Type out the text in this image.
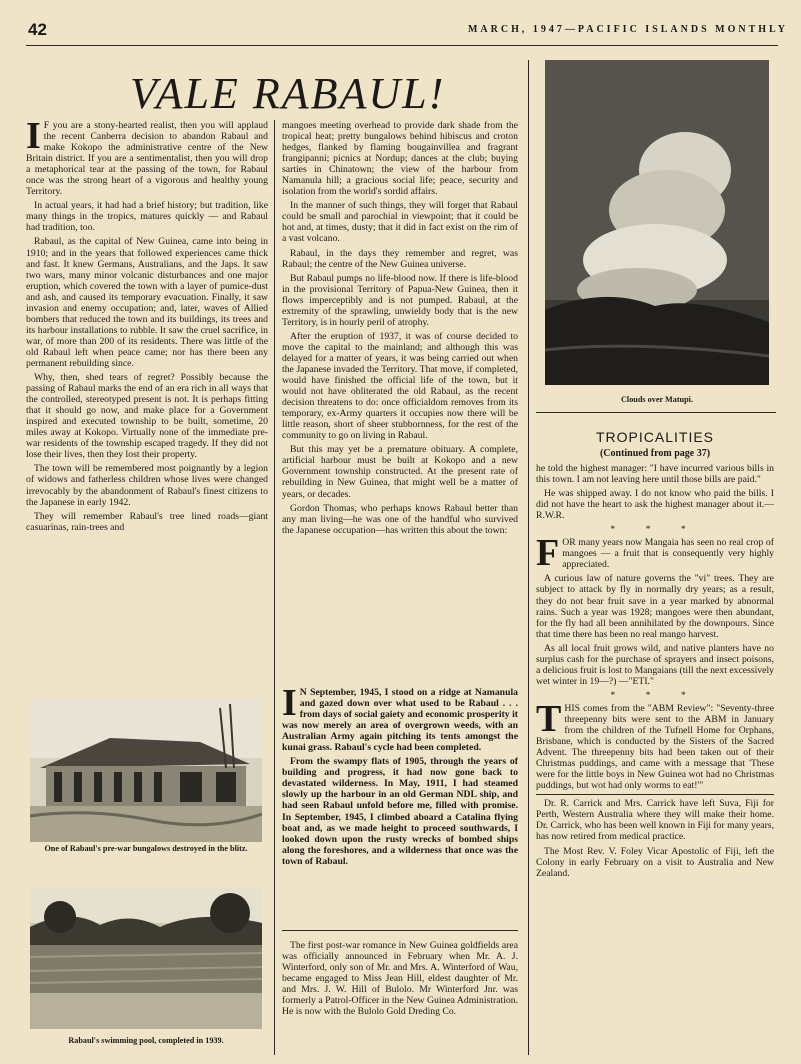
42	MARCH, 1947—PACIFIC ISLANDS MONTHLY
VALE RABAUL!

I F you are a stony-hearted realist, then you will applaud the recent Canberra decision to abandon Rabaul and make Kokopo the administrative centre of the New Britain district. If you are a sentimentalist, then you will drop a metaphorical tear at the passing of the town, for Rabaul once was the strong heart of a vigorous and healthy young Territory.

In actual years, it had had a brief history; but tradition, like many things in the tropics, matures quickly — and Rabaul had tradition, too.

Rabaul, as the capital of New Guinea, came into being in 1910; and in the years that followed experiences came thick and fast. It knew Germans, Australians, and the Japs. It saw two wars, many minor volcanic disturbances and one major eruption, which covered the town with a layer of pumice-dust and ash, and caused its temporary evacuation. Finally, it saw invasion and enemy occupation; and, later, waves of Allied bombers that reduced the town and its buildings, its trees and its harbour installations to rubble. It saw the cruel sacrifice, in war, of more than 200 of its residents. There was little of the old Rabaul left when peace came; nor has there been any permanent rebuilding since.

Why, then, shed tears of regret? Possibly because the passing of Rabaul marks the end of an era rich in all ways that the controlled, stereotyped present is not. It is perhaps fitting that it should go now, and make place for a Government inspired and executed township to be built, sometime, 20 miles away at Kokopo. Virtually none of the immediate pre-war residents of the township escaped tragedy. If they did not lose their lives, then they lost their property.

The town will be remembered most poignantly by a legion of widows and fatherless children whose lives were changed irrevocably by the abandonment of Rabaul's finest citizens to the Japanese in early 1942.

They will remember Rabaul's tree lined roads—giant casuarinas, rain-trees and

One of Rabaul's pre-war bungalows destroyed in the blitz.
Rabaul's swimming pool, completed in 1939.

mangoes meeting overhead to provide dark shade from the tropical heat; pretty bungalows behind hibiscus and croton hedges, flanked by flaming bougainvillea and fragrant frangipanni; picnics at Nordup; dances at the club; buying sarties in Chinatown; the view of the harbour from Namanula hill; a gracious social life; peace, security and isolation from the world's sordid affairs.

In the manner of such things, they will forget that Rabaul could be small and parochial in viewpoint; that it could be hot and, at times, dusty; that it did in fact exist on the rim of a vast volcano.

Rabaul, in the days they remember and regret, was Rabaul; the centre of the New Guinea universe.

But Rabaul pumps no life-blood now. If there is life-blood in the provisional Territory of Papua-New Guinea, then it flows imperceptibly and is not pumped. Rabaul, at the extremity of the sprawling, unwieldy body that is the new Territory, is in hourly peril of atrophy.

After the eruption of 1937, it was of course decided to move the capital to the mainland; and although this was delayed for a matter of years, it was being carried out when the Japanese invaded the Territory. That move, if completed, would have finished the official life of the town, but it would not have obliterated the old Rabaul, as the recent decision threatens to do: once officialdom removes from its temporary, ex-Army quarters it occupies now there will be little reason, short of sheer stubbornness, for the rest of the community to go on living in Rabaul.

But this may yet be a premature obituary. A complete, artificial harbour must be built at Kokopo and a new Government township constructed. At the present rate of rebuilding in New Guinea, that might well be a matter of years, or decades.

Gordon Thomas, who perhaps knows Rabaul better than any man living—he was one of the handful who survived the Japanese occupation—has written this about the town:

I N September, 1945, I stood on a ridge at Namanula and gazed down over what used to be Rabaul . . . from days of social gaiety and economic prosperity it was now merely an area of overgrown weeds, with an Australian Army again pitching its tents amongst the kunai grass. Rabaul's cycle had been completed.

From the swampy flats of 1905, through the years of building and progress, it had now gone back to devastated wilderness. In May, 1911, I had steamed slowly up the harbour in an old German NDL ship, and had seen Rabaul unfold before me, filled with promise. In September, 1945, I climbed aboard a Catalina flying boat and, as we made height to proceed southwards, I looked down upon the rusty wrecks of bombed ships along the foreshores, and a wilderness that once was the town of Rabaul.

The first post-war romance in New Guinea goldfields area was officially announced in February when Mr. A. J. Winterford, only son of Mr. and Mrs. A. Winterford of Wau, became engaged to Miss Jean Hill, eldest daughter of Mr. and Mrs. J. W. Hill of Bulolo. Mr Winterford Jnr. was formerly a Patrol-Officer in the New Guinea Administration. He is now with the Bulolo Gold Dreding Co.

Clouds over Matupi.
TROPICALITIES
(Continued from page 37)

he told the highest manager: "I have incurred various bills in this town. I am not leaving here until those bills are paid."

He was shipped away. I do not know who paid the bills. I did not have the heart to ask the highest manager about it.—R.W.R.

* * *

FOR many years now Mangaia has seen no real crop of mangoes — a fruit that is consequently very highly appreciated.

A curious law of nature governs the "vi" trees. They are subject to attack by fly in normally dry years; as a result, they do not bear fruit save in a year marked by abnormal rains. Such a year was 1928; mangoes were then abundant, for the fly had all been annihilated by the downpours. Since that time there has been no real mango harvest.

As all local fruit grows wild, and native planters have no surplus cash for the purchase of sprayers and insect poisons, a delicious fruit is lost to Mangaians (till the next excessively wet winter in 19—?) —"ETI."

* * *

THIS comes from the "ABM Review": "Seventy-three threepenny bits were sent to the ABM in January from the children of the Tufnell Home for Orphans, Brisbane, which is conducted by the Sisters of the Sacred Advent. The threepenny bits had been taken out of their Christmas puddings, and came with a message that 'These were for the little boys in New Guinea wot had no Christmas puddings, but wot had only worms to eat!'"

Dr. R. Carrick and Mrs. Carrick have left Suva, Fiji for Perth, Western Australia where they will make their home. Dr. Carrick, who has been well known in Fiji for many years, has now retired from medical practice.

The Most Rev. V. Foley Vicar Apostolic of Fiji, left the Colony in early February on a visit to Australia and New Zealand.
